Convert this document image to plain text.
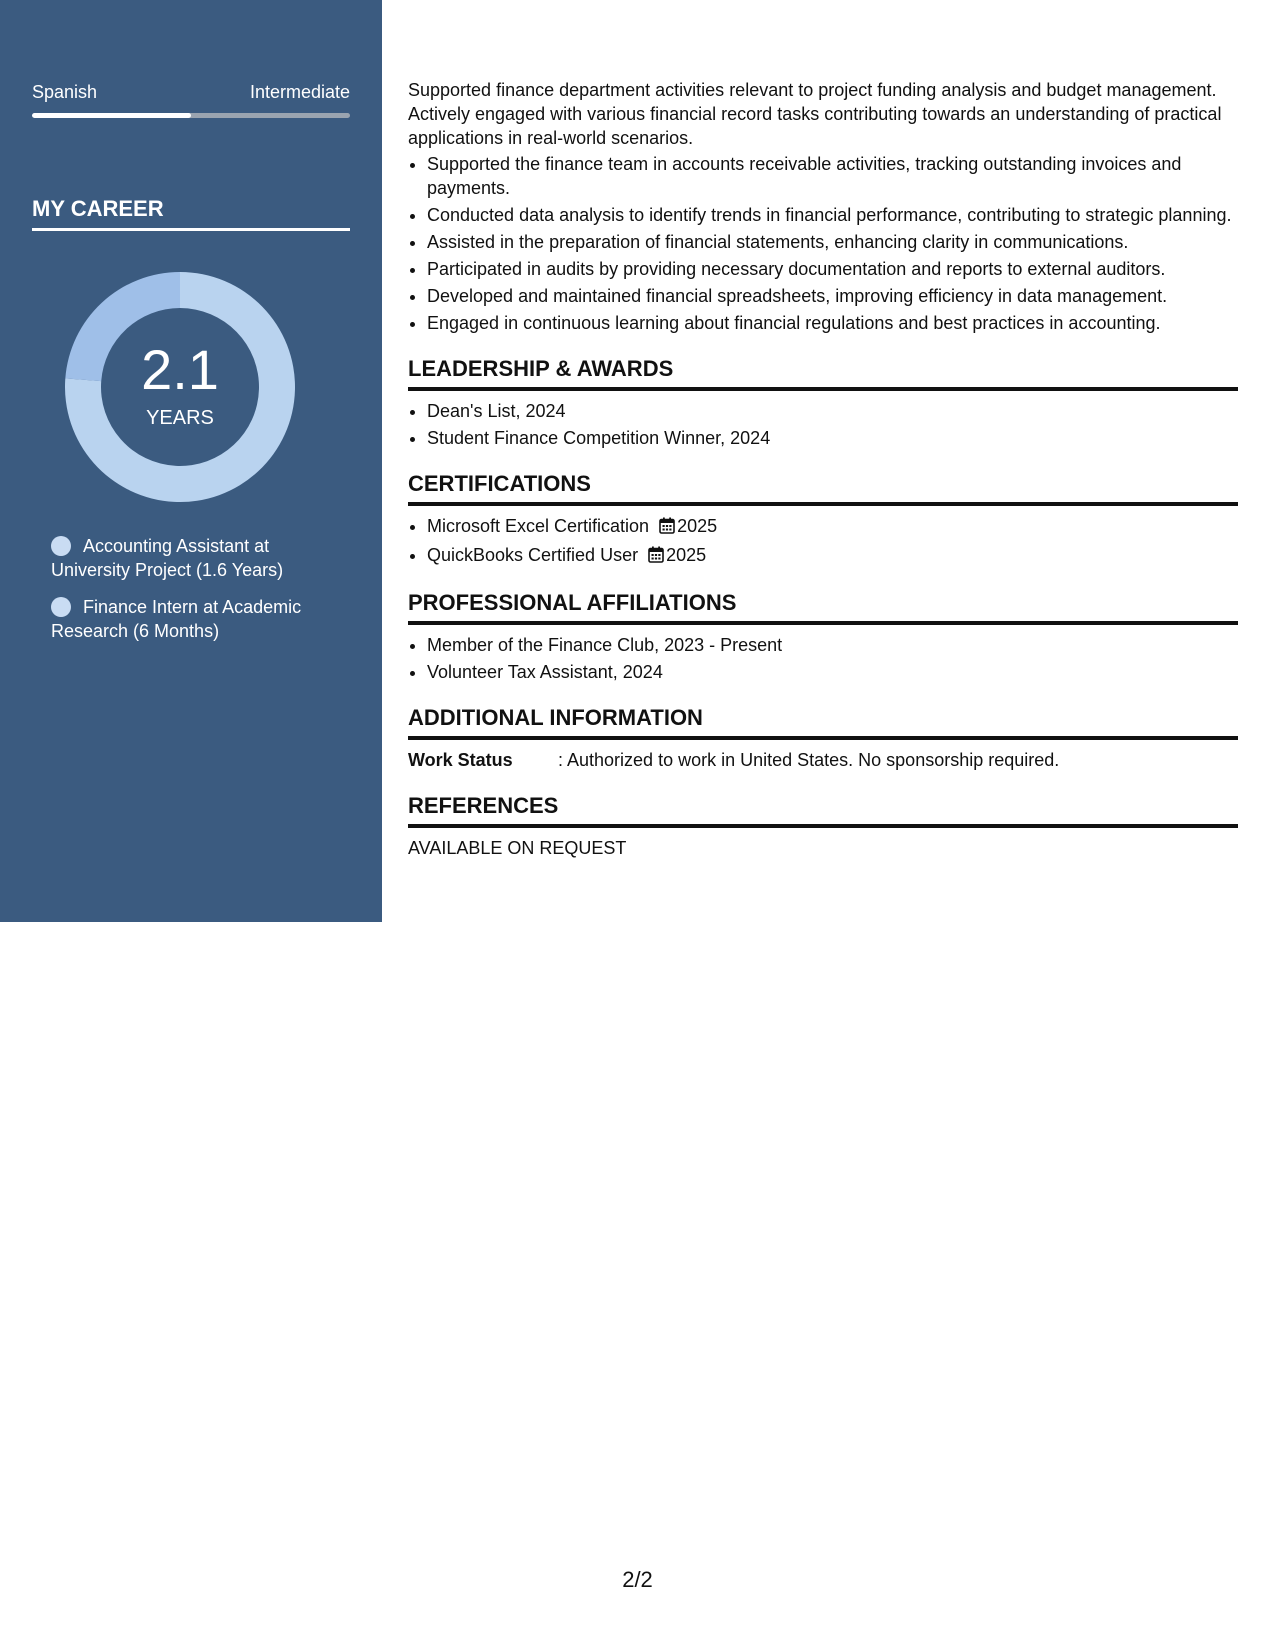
Spanish	Intermediate
MY CAREER
2.1
YEARS
Accounting Assistant at University Project (1.6 Years)
Finance Intern at Academic Research (6 Months)

Supported finance department activities relevant to project funding analysis and budget management. Actively engaged with various financial record tasks contributing towards an understanding of practical applications in real-world scenarios.

• Supported the finance team in accounts receivable activities, tracking outstanding invoices and payments.
• Conducted data analysis to identify trends in financial performance, contributing to strategic planning.
• Assisted in the preparation of financial statements, enhancing clarity in communications.
• Participated in audits by providing necessary documentation and reports to external auditors.
• Developed and maintained financial spreadsheets, improving efficiency in data management.
• Engaged in continuous learning about financial regulations and best practices in accounting.
LEADERSHIP & AWARDS
• Dean's List, 2024
• Student Finance Competition Winner, 2024
CERTIFICATIONS
• Microsoft Excel Certification 2025
• QuickBooks Certified User 2025
PROFESSIONAL AFFILIATIONS
• Member of the Finance Club, 2023 - Present
• Volunteer Tax Assistant, 2024
ADDITIONAL INFORMATION
Work Status	: Authorized to work in United States. No sponsorship required.
REFERENCES
AVAILABLE ON REQUEST
2/2
